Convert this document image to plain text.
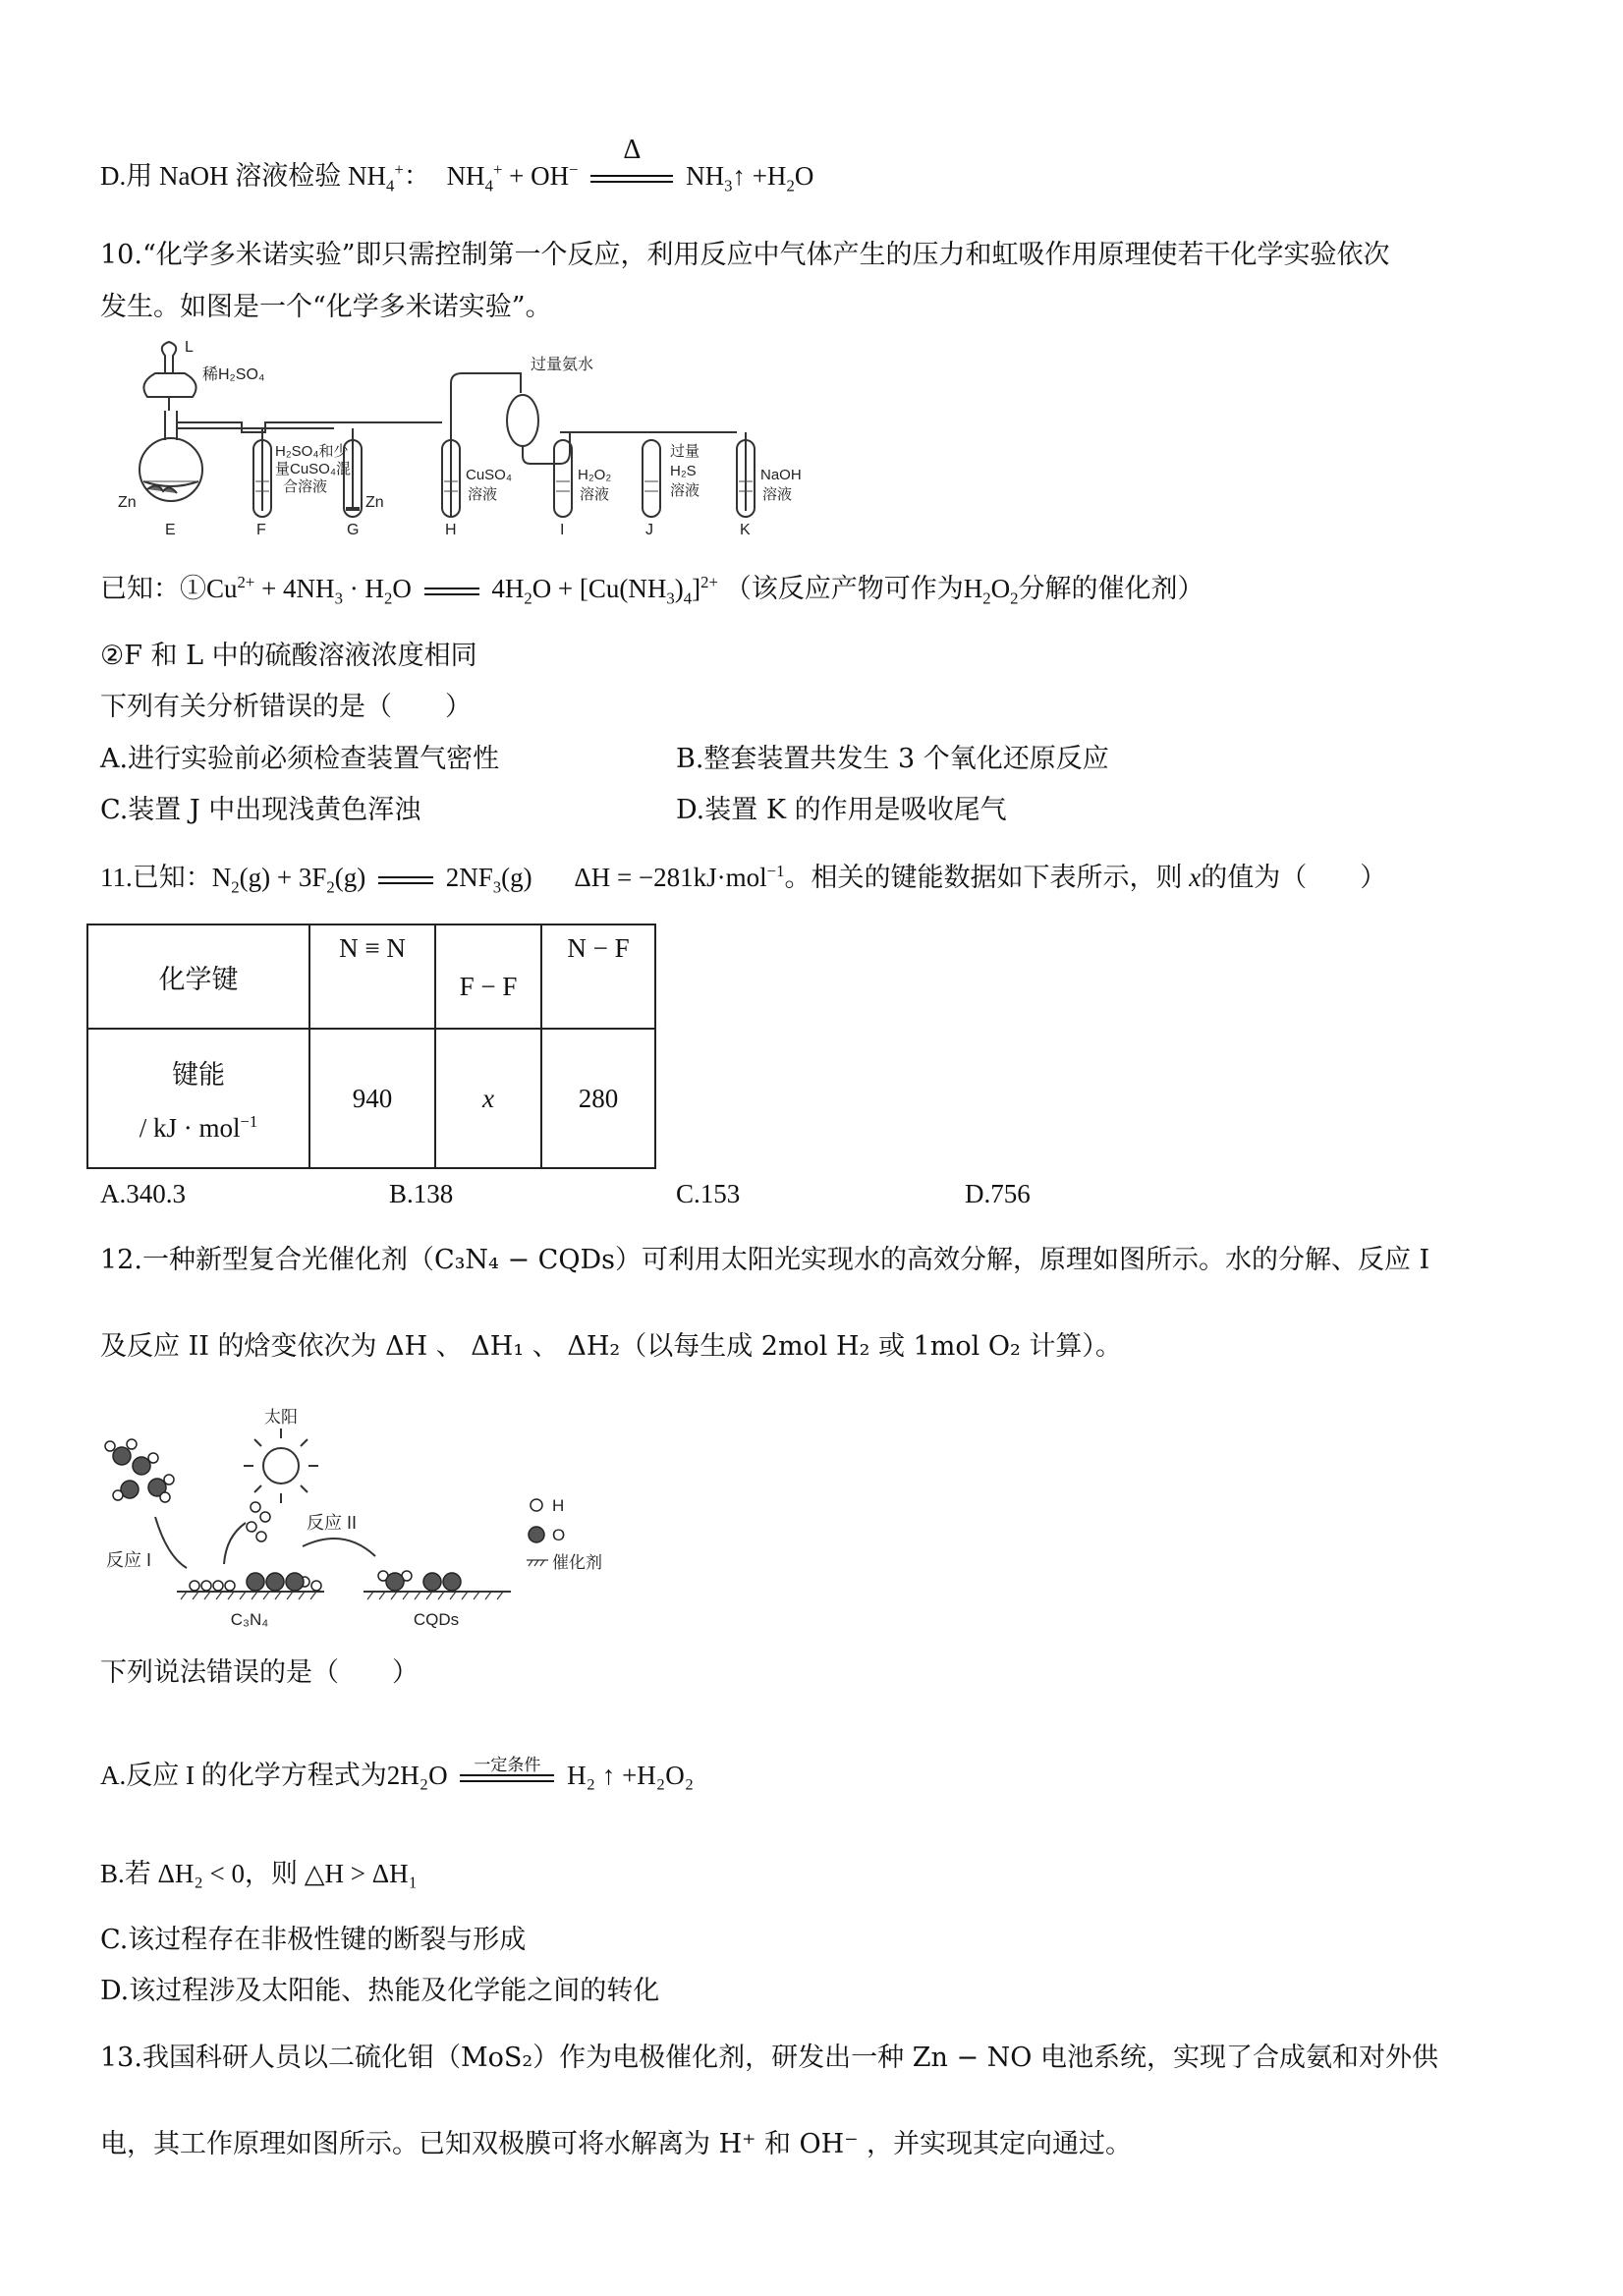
D.用 NaOH 溶液检验 $NH_4^+$： $NH_4^+ + OH^-$
Δ
$NH_3↑ +H_2O$
10.“化学多米诺实验”即只需控制第一个反应，利用反应中气体产生的压力和虹吸作用原理使若干化学实验依次
发生。如图是一个“化学多米诺实验”。
L
稀H₂SO₄
过量氨水
H₂SO₄和少
量CuSO₄混
合溶液
Zn	Zn
CuSO₄
溶液
H₂O₂
溶液
过量
H₂S
溶液
NaOH
溶液
E	F	G	H	I	J	K
已知：$①Cu^{2+} + 4NH_3 \cdot H_2O$	$4H_2O + [Cu(NH_3)_4]^{2+}$ （该反应产物可作为$H_2O_2$分解的催化剂）
②F 和 L 中的硫酸溶液浓度相同
下列有关分析错误的是（　　）
A.进行实验前必须检查装置气密性	B.整套装置共发生 3 个氧化还原反应
C.装置 J 中出现浅黄色浑浊	D.装置 K 的作用是吸收尾气
11.已知：$N_2(g) + 3F_2(g)$	$2NF_3(g) \Delta H = -281kJ\cdot mol^{-1}$。相关的键能数据如下表所示，则 x的值为（　　）
化学键	N ≡ N	F − F	N − F

键能
/ kJ · mol$^{-1}$	940	x	280
A.340.3	B.138	C.153	D.756
12.一种新型复合光催化剂（C₃N₄ − CQDs）可利用太阳光实现水的高效分解，原理如图所示。水的分解、反应 I
及反应 II 的焓变依次为 ΔH 、 ΔH₁ 、 ΔH₂（以每生成 2mol H₂ 或 1mol O₂ 计算）。
太阳
反应 I
反应 II
C₃N₄	CQDs
H
O
催化剂
下列说法错误的是（　　）
A.反应 I 的化学方程式为2H₂O	一定条件 H₂ ↑ +H₂O₂
B.若 ΔH₂ < 0，则 △H > ΔH₁
C.该过程存在非极性键的断裂与形成
D.该过程涉及太阳能、热能及化学能之间的转化
13.我国科研人员以二硫化钼（MoS₂）作为电极催化剂，研发出一种 Zn − NO 电池系统，实现了合成氨和对外供
电，其工作原理如图所示。已知双极膜可将水解离为 H⁺ 和 OH⁻ ，并实现其定向通过。
